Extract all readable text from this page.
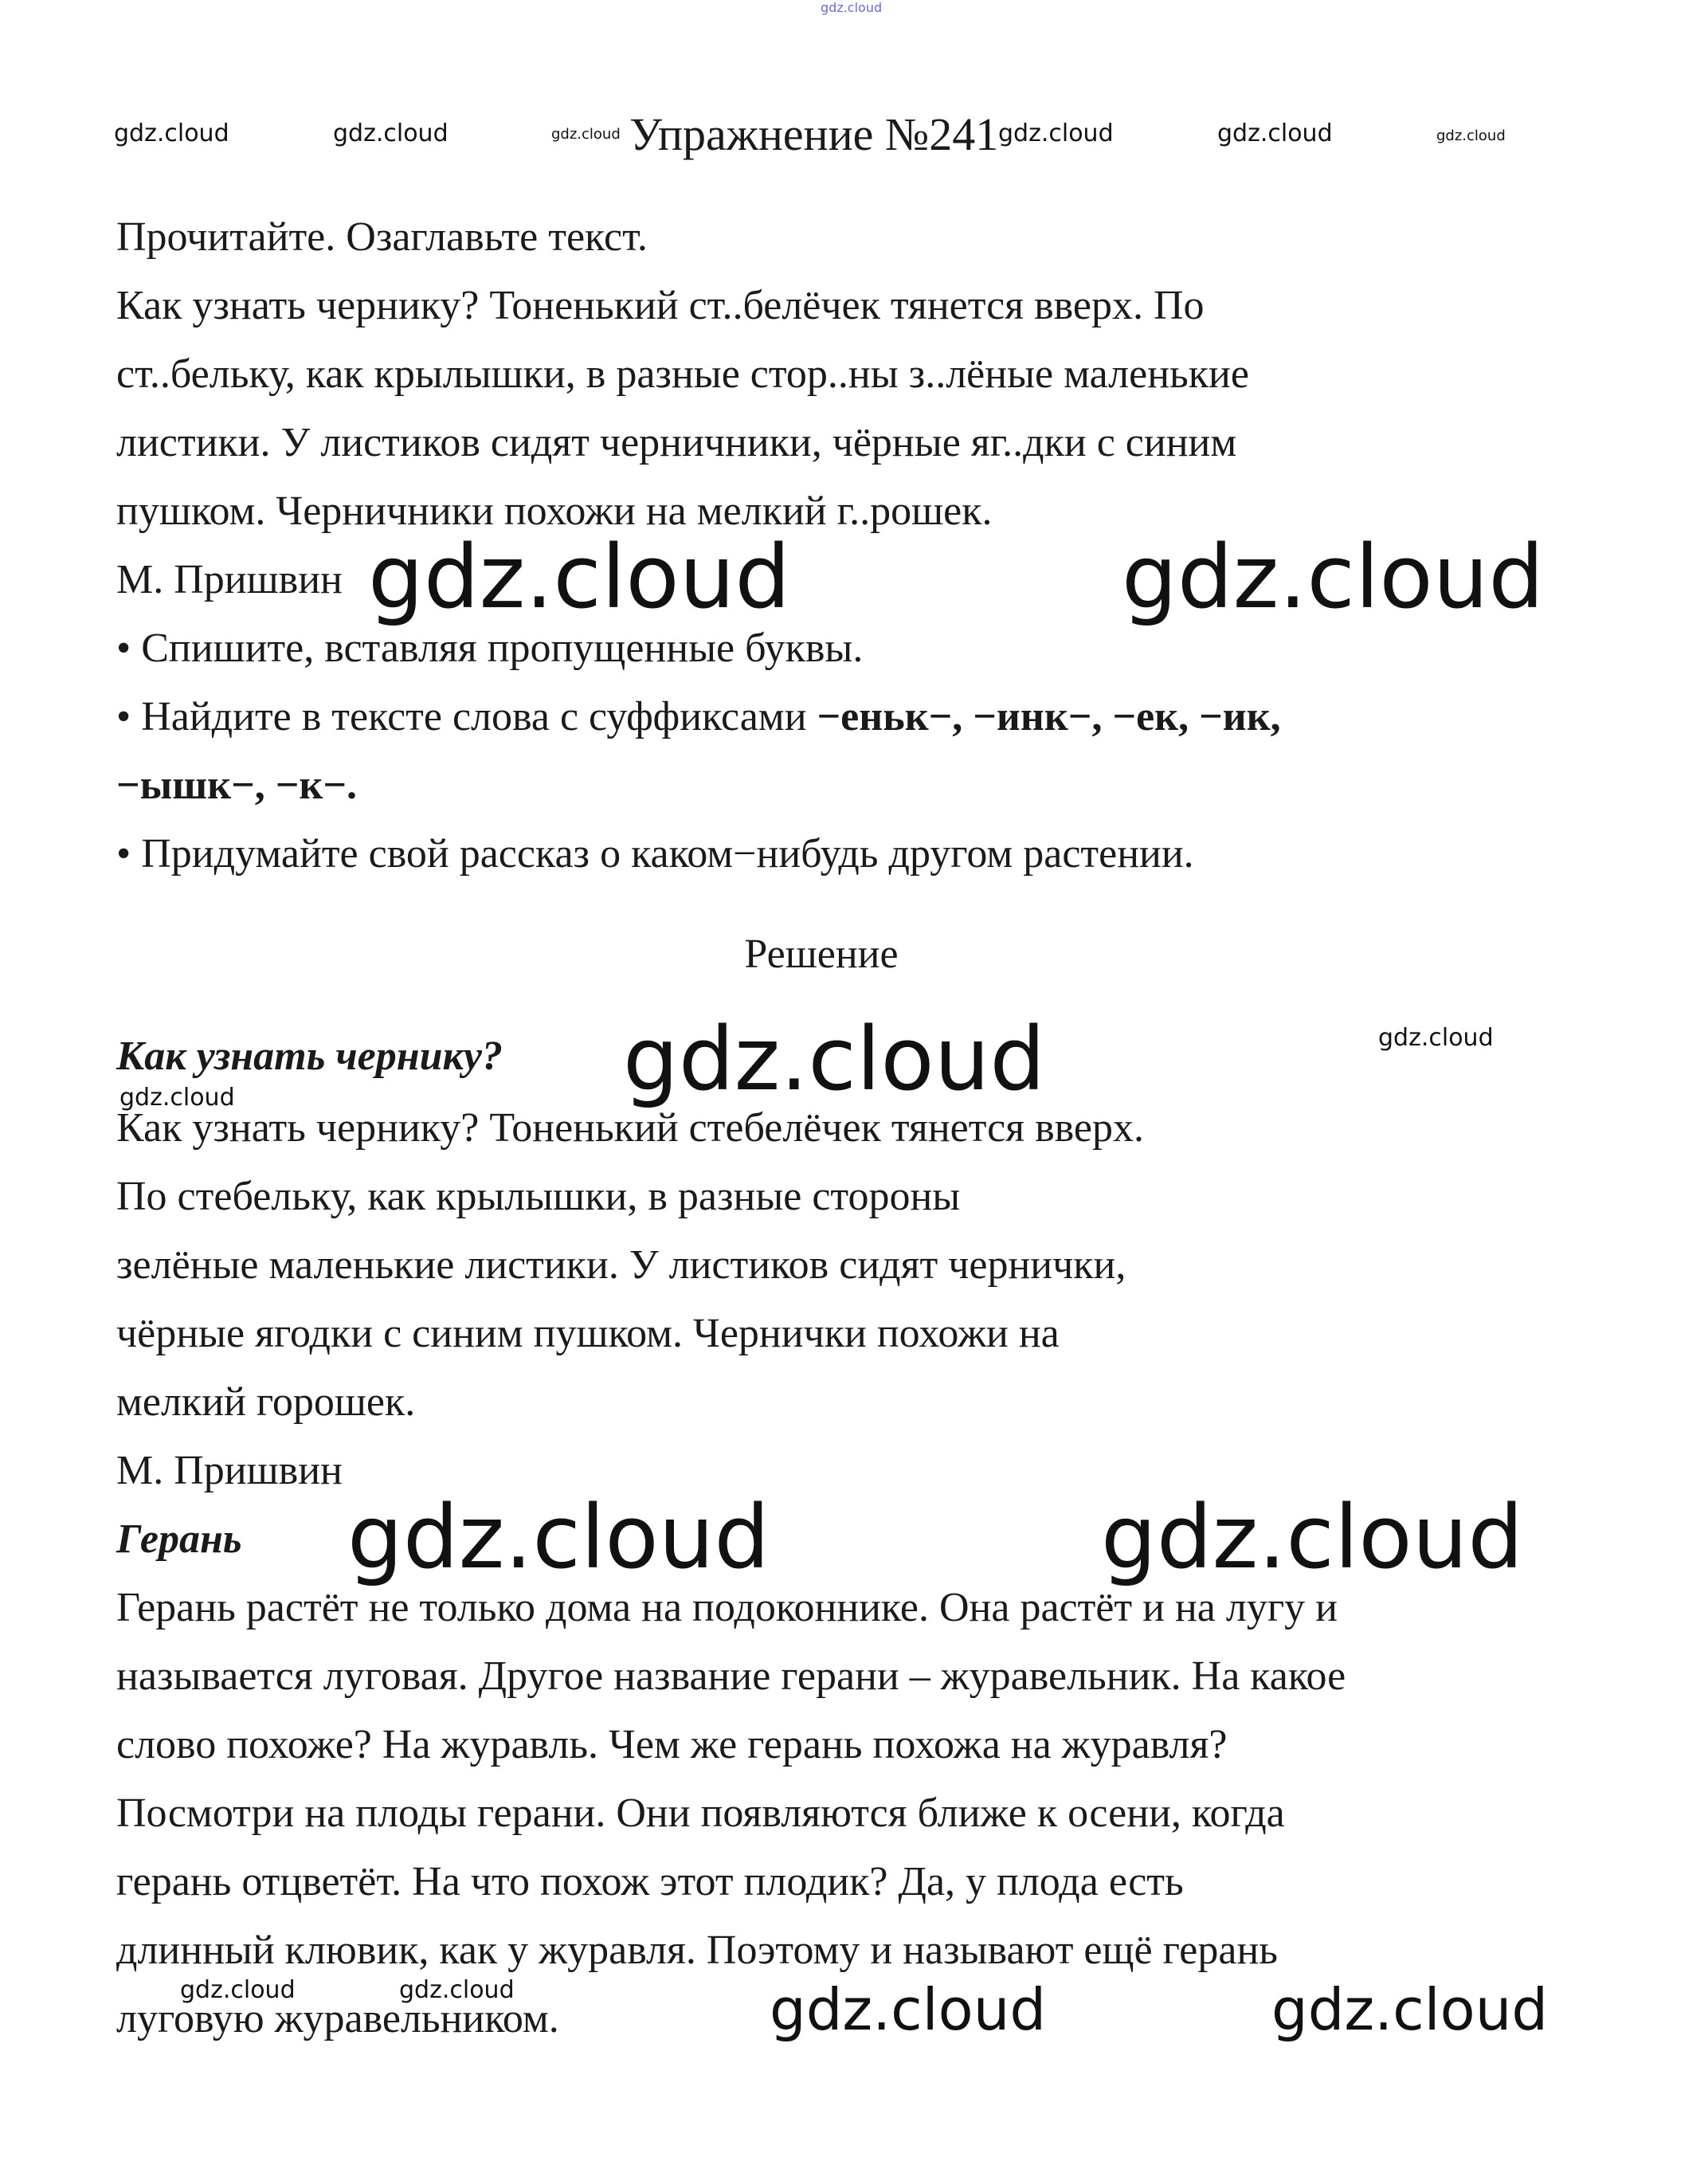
gdz.cloud
gdz.cloud	gdz.cloud	gdz.cloud	gdz.cloud	gdz.cloud	gdz.cloud
Упражнение №241
Прочитайте. Озаглавьте текст.
Как узнать чернику? Тоненький ст..белёчек тянется вверх. По
ст..бельку, как крылышки, в разные стор..ны з..лёные маленькие
листики. У листиков сидят черничники, чёрные яг..дки с синим
пушком. Черничники похожи на мелкий г..рошек.
М. Пришвин gdz.cloud	gdz.cloud
• Спишите, вставляя пропущенные буквы.
• Найдите в тексте слова с суффиксами −еньк−, −инк−, −ек, −ик,
−ышк−, −к−.
• Придумайте свой рассказ о каком−нибудь другом растении.
Решение
Как узнать чернику?
gdz.cloud	gdz.cloud	gdz.cloud
Как узнать чернику? Тоненький стебелёчек тянется вверх.
По стебельку, как крылышки, в разные стороны
зелёные маленькие листики. У листиков сидят чернички,
чёрные ягодки с синим пушком. Чернички похожи на
мелкий горошек.
М. Пришвин
Герань gdz.cloud	gdz.cloud
Герань растёт не только дома на подоконнике. Она растёт и на лугу и
называется луговая. Другое название герани – журавельник. На какое
слово похоже? На журавль. Чем же герань похожа на журавля?
Посмотри на плоды герани. Они появляются ближе к осени, когда
герань отцветёт. На что похож этот плодик? Да, у плода есть
длинный клювик, как у журавля. Поэтому и называют ещё герань
луговую журавельником.
gdz.cloud	gdz.cloud	gdz.cloud	gdz.cloud
